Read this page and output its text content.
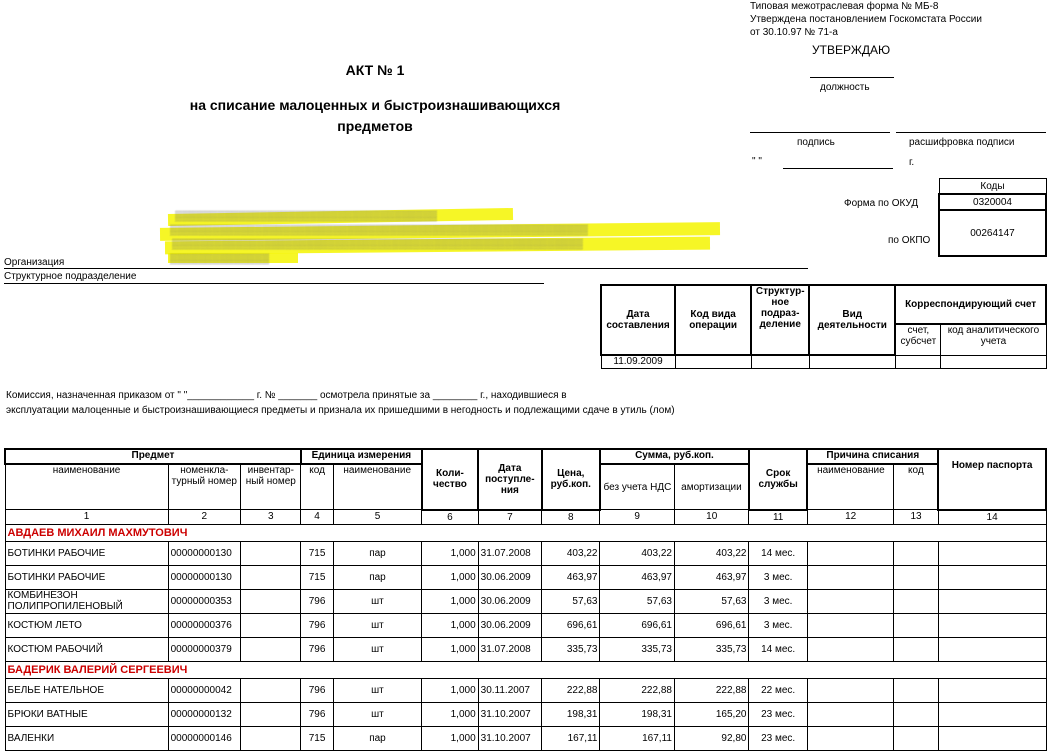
Типовая межотраслевая форма № МБ-8
Утверждена постановлением Госкомстата России
от 30.10.97 № 71-а
УТВЕРЖДАЮ
должность
подпись	расшифровка подписи
" "	г.
АКТ № 1
на списание малоценных и быстроизнашивающихся
предметов
Коды
0320004
00264147
Форма по ОКУД
по ОКПО
▒▒▒▒▒▒▒▒▒▒▒▒▒▒▒▒▒▒▒▒▒▒▒▒▒▒▒▒▒▒▒▒▒▒▒▒▒
▒▒▒▒▒▒▒▒▒▒▒▒▒▒▒▒▒▒▒▒▒▒▒▒▒▒▒▒▒▒▒▒▒▒▒▒▒▒▒▒▒▒▒▒▒▒▒▒▒▒▒▒▒▒▒▒▒▒▒
▒▒▒▒▒▒▒▒▒▒▒▒▒▒▒▒▒▒▒▒▒▒▒▒▒▒▒▒▒▒▒▒▒▒▒▒▒▒▒▒▒▒▒▒▒▒▒▒▒▒▒▒▒▒▒▒▒▒
▒▒▒▒▒▒▒▒▒▒▒▒▒▒
Организация
Структурное подразделение
Дата составления	Код вида операции	Структур-ное подраз-деление	Вид деятельности	Корреспондирующий счет	
				счет, субсчет	код аналитического учета
11.09.2009					
Комиссия, назначенная приказом от " "____________ г. № _______ осмотрела принятые за ________ г., находившиеся в
эксплуатации малоценные и быстроизнашивающиеся предметы и признала их пришедшими в негодность и подлежащими сдаче в утиль (лом)
Предмет			Единица измерения		Коли-чество	Дата поступле-ния	Цена, руб.коп.	Сумма, руб.коп.		Срок службы	Причина списания		Номер паспорта
наименование	номенкла-турный номер	инвентар-ный номер	код	наименование				без учета НДС	амортизации		наименование	код	
1	2	3	4	5	6	7	8	9	10	11	12	13	14
АВДАЕВ МИХАИЛ МАХМУТОВИЧ													
БОТИНКИ РАБОЧИЕ	00000000130		715	пар	1,000	31.07.2008	403,22	403,22	403,22	14 мес.			
БОТИНКИ РАБОЧИЕ	00000000130		715	пар	1,000	30.06.2009	463,97	463,97	463,97	3 мес.			
КОМБИНЕЗОН ПОЛИПРОПИЛЕНОВЫЙ	00000000353		796	шт	1,000	30.06.2009	57,63	57,63	57,63	3 мес.			
КОСТЮМ ЛЕТО	00000000376		796	шт	1,000	30.06.2009	696,61	696,61	696,61	3 мес.			
КОСТЮМ РАБОЧИЙ	00000000379		796	шт	1,000	31.07.2008	335,73	335,73	335,73	14 мес.			
БАДЕРИК ВАЛЕРИЙ СЕРГЕЕВИЧ													
БЕЛЬЕ НАТЕЛЬНОЕ	00000000042		796	шт	1,000	30.11.2007	222,88	222,88	222,88	22 мес.			
БРЮКИ ВАТНЫЕ	00000000132		796	шт	1,000	31.10.2007	198,31	198,31	165,20	23 мес.			
ВАЛЕНКИ	00000000146		715	пар	1,000	31.10.2007	167,11	167,11	92,80	23 мес.			
